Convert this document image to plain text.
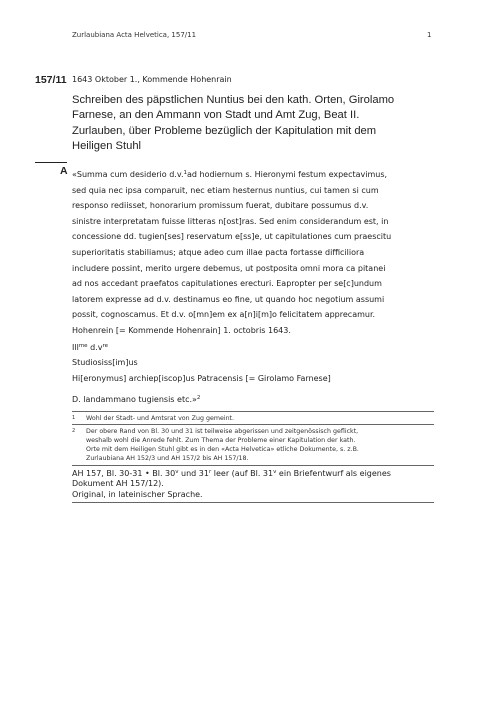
Zurlaubiana Acta Helvetica, 157/11	1
157/11 1643 Oktober 1., Kommende Hohenrain
Schreiben des päpstlichen Nuntius bei den kath. Orten, Girolamo
Farnese, an den Ammann von Stadt und Amt Zug, Beat II.
Zurlauben, über Probleme bezüglich der Kapitulation mit dem
Heiligen Stuhl
A «Summa cum desiderio d.v.$^1$ad hodiernum s. Hieronymi festum expectavimus,
sed quia nec ipsa comparuit, nec etiam hesternus nuntius, cui tamen si cum
responso rediisset, honorarium promissum fuerat, dubitare possumus d.v.
sinistre interpretatam fuisse litteras n[ost]ras. Sed enim considerandum est, in
concessione dd. tugien[ses] reservatum e[ss]e, ut capitulationes cum praescitu
superioritatis stabiliamus; atque adeo cum illae pacta fortasse difficiliora
includere possint, merito urgere debemus, ut postposita omni mora ca pitanei
ad nos accedant praefatos capitulationes erecturi. Eapropter per se[c]undum
latorem expresse ad d.v. destinamus eo fine, ut quando hoc negotium assumi
possit, cognoscamus. Et d.v. o[mn]em ex a[n]i[m]o felicitatem apprecamur.
Hohenrein [= Kommende Hohenrain] 1. octobris 1643.
Ill$^{me}$ $d.v^{re}$
Studiosiss[im]us
Hi[eronymus] archiep[iscop]us Patracensis [= Girolamo Farnese]
D. landammano tugiensis etc.»$^2$
1 Wohl der Stadt- und Amtsrat von Zug gemeint.
2 Der obere Rand von Bl. 30 und 31 ist teilweise abgerissen und zeitgenössisch geflickt,
weshalb wohl die Anrede fehlt. Zum Thema der Probleme einer Kapitulation der kath.
Orte mit dem Heiligen Stuhl gibt es in den «Acta Helvetica» etliche Dokumente, s. z.B.
Zurlaubiana AH 152/3 und AH 157/2 bis AH 157/18.
AH 157, Bl. 30-31 • Bl. 30$^v$ und 31$^r$ leer (auf Bl. 31$^v$ ein Briefentwurf als eigenes
Dokument AH 157/12).
Original, in lateinischer Sprache.
